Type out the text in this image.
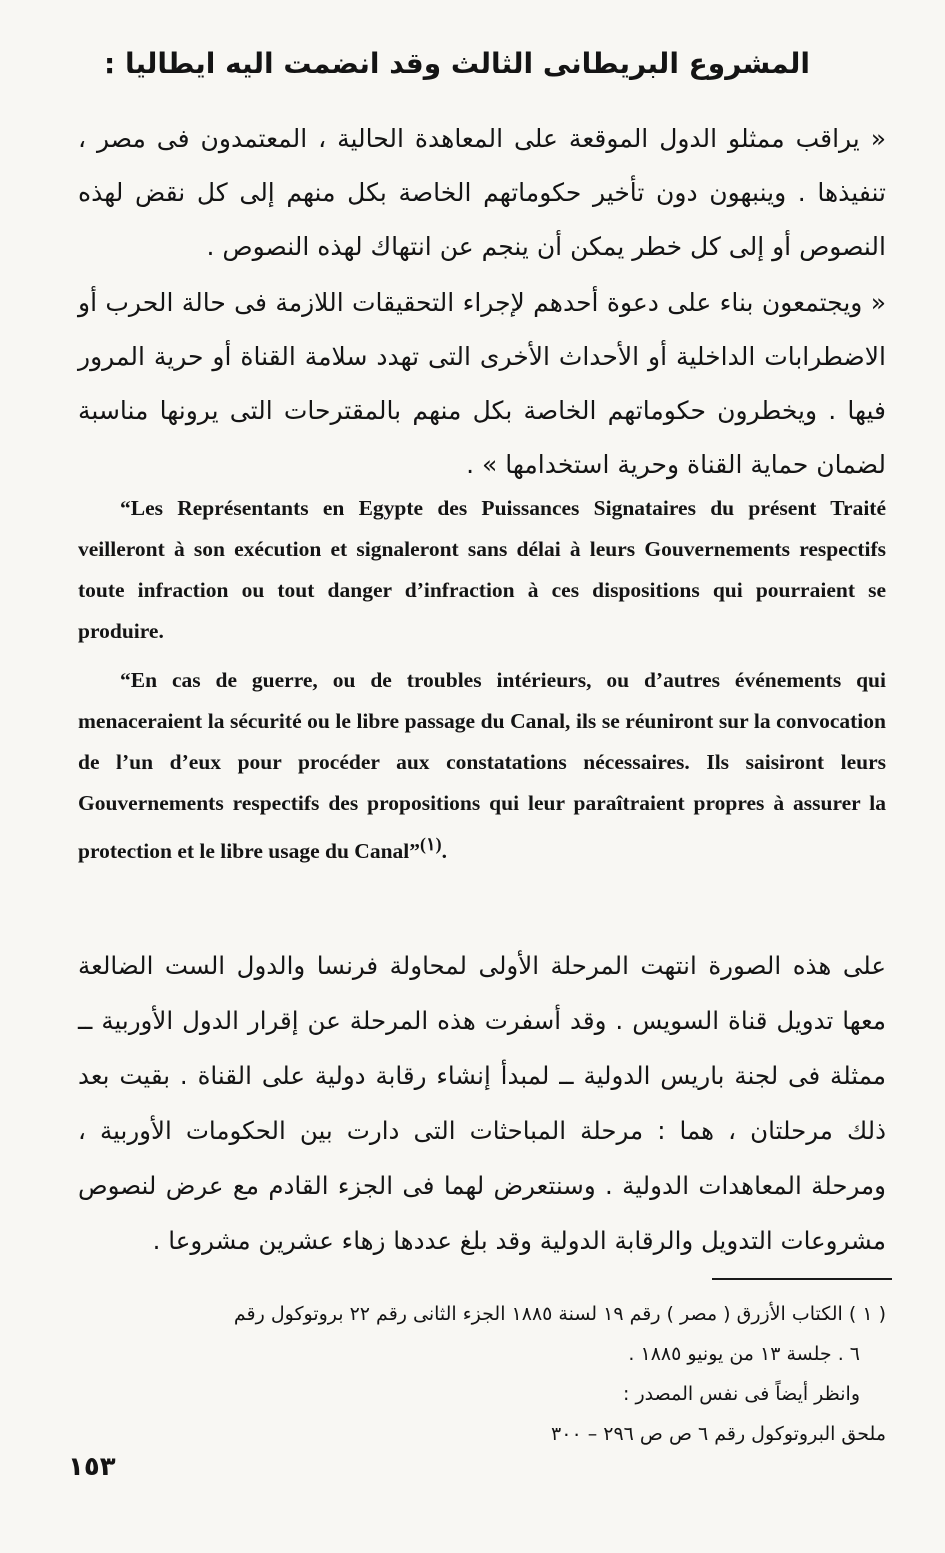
المشروع البريطانى الثالث وقد انضمت اليه ايطاليا :

« يراقب ممثلو الدول الموقعة على المعاهدة الحالية ، المعتمدون فى مصر ، تنفيذها . وينبهون دون تأخير حكوماتهم الخاصة بكل منهم إلى كل نقض لهذه النصوص أو إلى كل خطر يمكن أن ينجم عن انتهاك لهذه النصوص .

« ويجتمعون بناء على دعوة أحدهم لإجراء التحقيقات اللازمة فى حالة الحرب أو الاضطرابات الداخلية أو الأحداث الأخرى التى تهدد سلامة القناة أو حرية المرور فيها . ويخطرون حكوماتهم الخاصة بكل منهم بالمقترحات التى يرونها مناسبة لضمان حماية القناة وحرية استخدامها » .

“Les Représentants en Egypte des Puissances Signataires du présent Traité veilleront à son exécution et signaleront sans délai à leurs Gouvernements respectifs toute infraction ou tout danger d’infraction à ces dispositions qui pourraient se produire.

“En cas de guerre, ou de troubles intérieurs, ou d’autres événements qui menaceraient la sécurité ou le libre passage du Canal, ils se réuniront sur la convocation de l’un d’eux pour procéder aux constatations nécessaires. Ils saisiront leurs Gouvernements respectifs des propositions qui leur paraîtraient propres à assurer la protection et le libre usage du Canal”$^{(١)}$.

على هذه الصورة انتهت المرحلة الأولى لمحاولة فرنسا والدول الست الضالعة معها تدويل قناة السويس . وقد أسفرت هذه المرحلة عن إقرار الدول الأوربية ــ ممثلة فى لجنة باريس الدولية ــ لمبدأ إنشاء رقابة دولية على القناة . بقيت بعد ذلك مرحلتان ، هما : مرحلة المباحثات التى دارت بين الحكومات الأوربية ، ومرحلة المعاهدات الدولية . وسنتعرض لهما فى الجزء القادم مع عرض لنصوص مشروعات التدويل والرقابة الدولية وقد بلغ عددها زهاء عشرين مشروعا .

( ١ ) الكتاب الأزرق ( مصر ) رقم ١٩ لسنة ١٨٨٥ الجزء الثانى رقم ٢٢ بروتوكول رقم

٦ . جلسة ١٣ من يونيو ١٨٨٥ .

وانظر أيضاً فى نفس المصدر :

ملحق البروتوكول رقم ٦ ص ص ٢٩٦ – ٣٠٠

١٥٣
